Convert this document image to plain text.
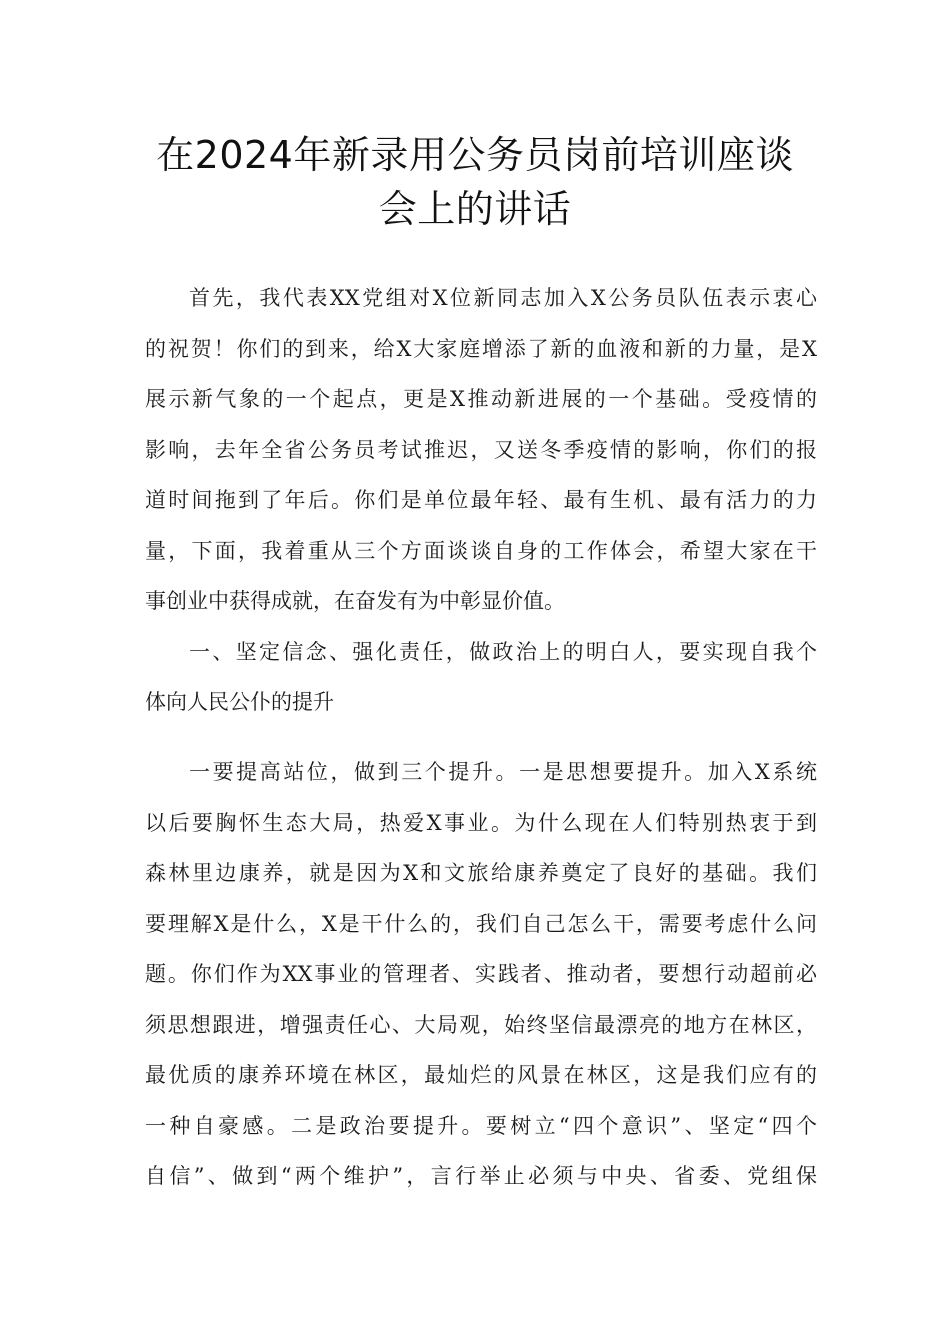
在2024年新录用公务员岗前培训座谈
会上的讲话
首先，我代表XX党组对X位新同志加入X公务员队伍表示衷心
的祝贺！你们的到来，给X大家庭增添了新的血液和新的力量，是X
展示新气象的一个起点，更是X推动新进展的一个基础。受疫情的
影响，去年全省公务员考试推迟，又送冬季疫情的影响，你们的报
道时间拖到了年后。你们是单位最年轻、最有生机、最有活力的力
量，下面，我着重从三个方面谈谈自身的工作体会，希望大家在干
事创业中获得成就，在奋发有为中彰显价值。
一、坚定信念、强化责任，做政治上的明白人，要实现自我个
体向人民公仆的提升
一要提高站位，做到三个提升。一是思想要提升。加入X系统
以后要胸怀生态大局，热爱X事业。为什么现在人们特别热衷于到
森林里边康养，就是因为X和文旅给康养奠定了良好的基础。我们
要理解X是什么，X是干什么的，我们自己怎么干，需要考虑什么问
题。你们作为XX事业的管理者、实践者、推动者，要想行动超前必
须思想跟进，增强责任心、大局观，始终坚信最漂亮的地方在林区，
最优质的康养环境在林区，最灿烂的风景在林区，这是我们应有的
一种自豪感。二是政治要提升。要树立“四个意识”、坚定“四个
自信”、做到“两个维护”，言行举止必须与中央、省委、党组保
